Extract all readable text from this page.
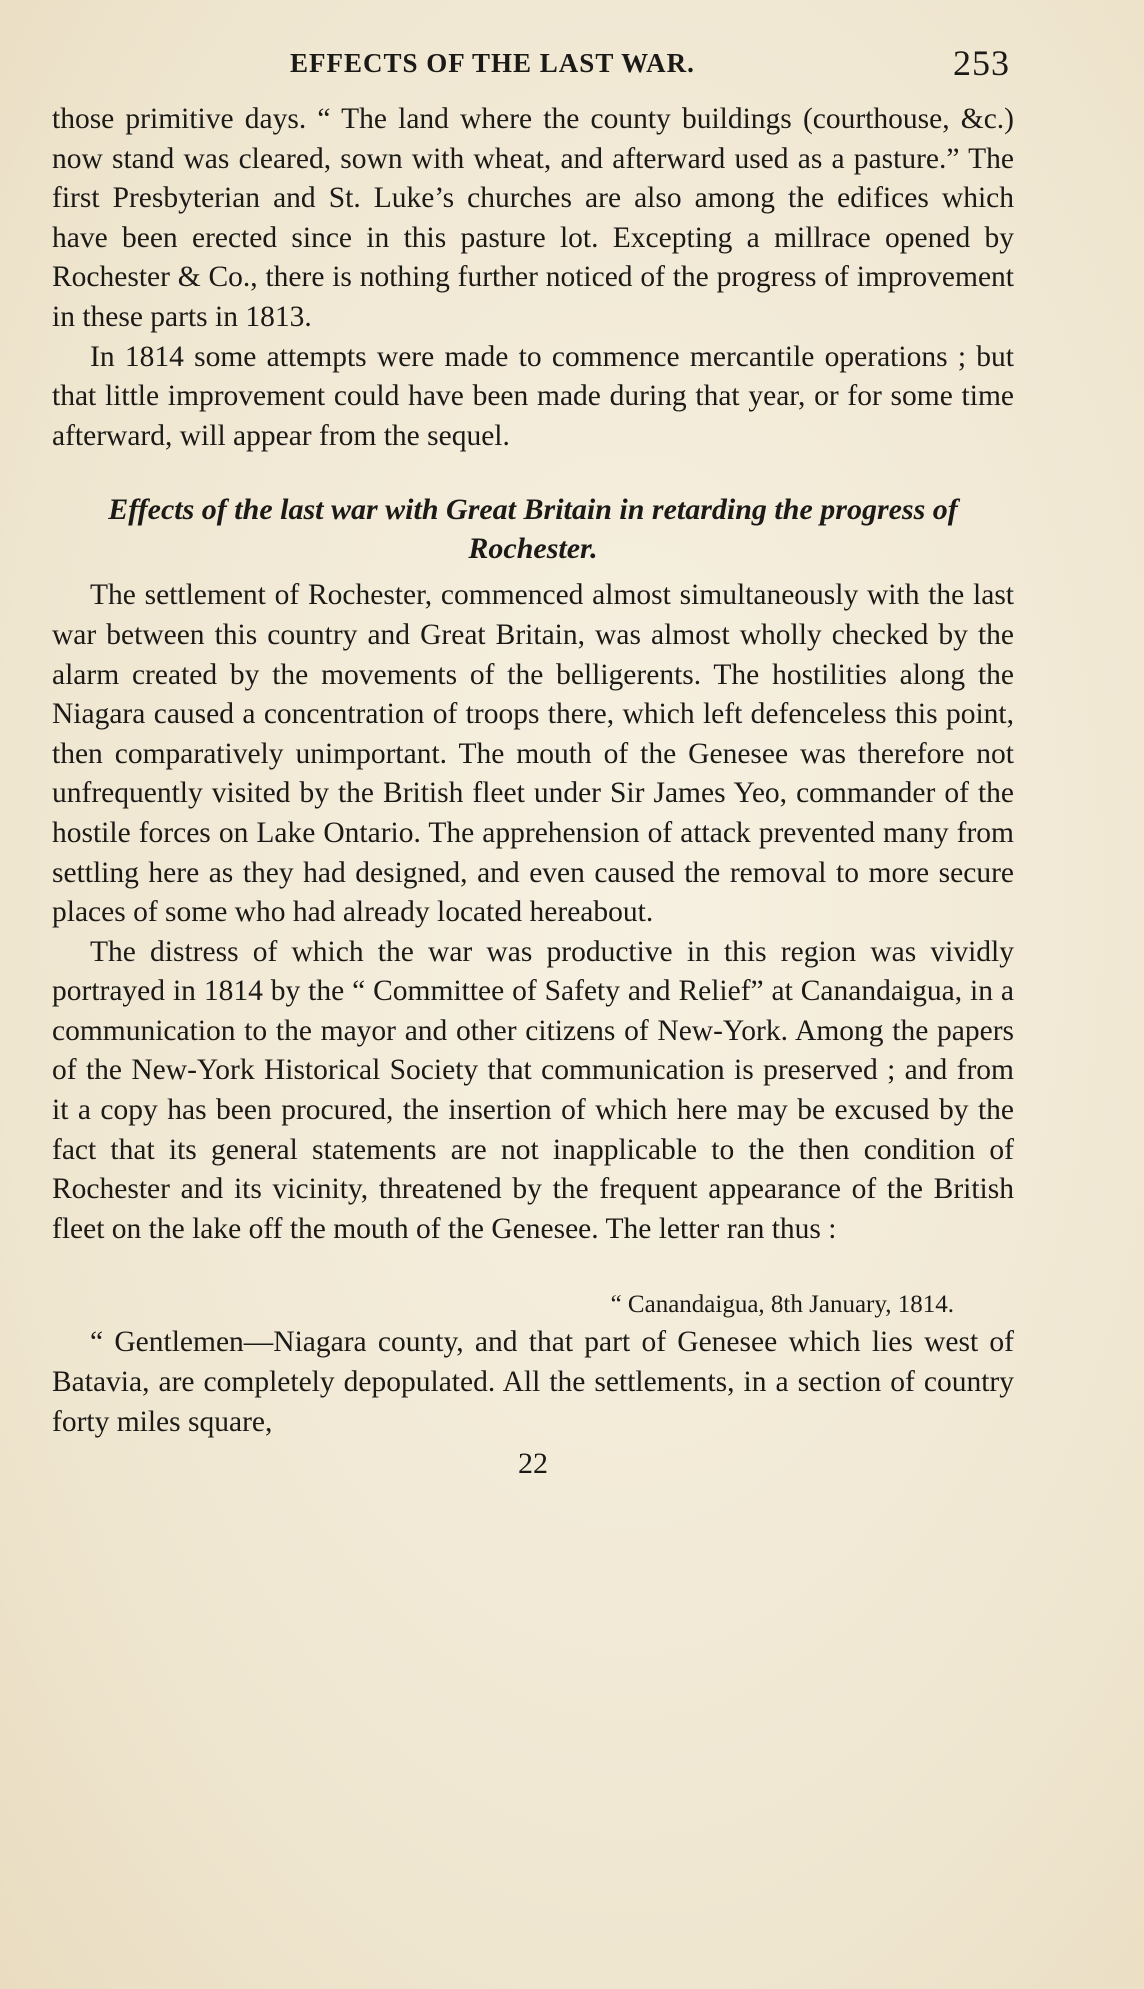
EFFECTS OF THE LAST WAR.	253

those primitive days. “ The land where the county buildings (courthouse, &c.) now stand was cleared, sown with wheat, and afterward used as a pasture.” The first Presbyterian and St. Luke’s churches are also among the edifices which have been erected since in this pasture lot. Excepting a millrace opened by Rochester & Co., there is nothing further noticed of the progress of improvement in these parts in 1813.

In 1814 some attempts were made to commence mercantile operations ; but that little improvement could have been made during that year, or for some time afterward, will appear from the sequel.

Effects of the last war with Great Britain in retarding the progress of Rochester.

The settlement of Rochester, commenced almost simultaneously with the last war between this country and Great Britain, was almost wholly checked by the alarm created by the movements of the belligerents. The hostilities along the Niagara caused a concentration of troops there, which left defenceless this point, then comparatively unimportant. The mouth of the Genesee was therefore not unfrequently visited by the British fleet under Sir James Yeo, commander of the hostile forces on Lake Ontario. The apprehension of attack prevented many from settling here as they had designed, and even caused the removal to more secure places of some who had already located hereabout.

The distress of which the war was productive in this region was vividly portrayed in 1814 by the “ Committee of Safety and Relief” at Canandaigua, in a communication to the mayor and other citizens of New-York. Among the papers of the New-York Historical Society that communication is preserved ; and from it a copy has been procured, the insertion of which here may be excused by the fact that its general statements are not inapplicable to the then condition of Rochester and its vicinity, threatened by the frequent appearance of the British fleet on the lake off the mouth of the Genesee. The letter ran thus :

“ Canandaigua, 8th January, 1814.

“ Gentlemen—Niagara county, and that part of Genesee which lies west of Batavia, are completely depopulated. All the settlements, in a section of country forty miles square,

22
